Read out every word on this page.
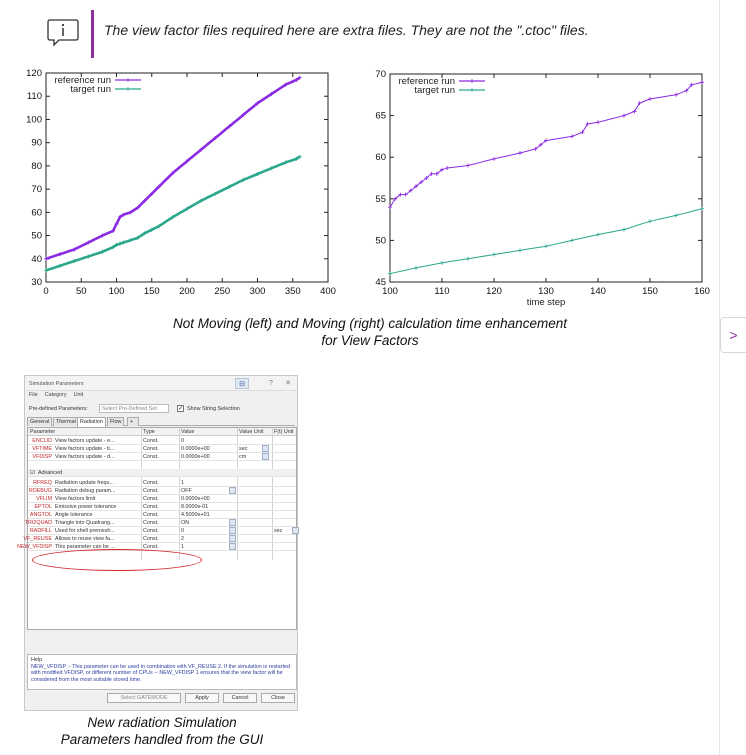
The view factor files required here are extra files. They are not the ".ctoc" files.
>
0	50 100 150 200 250 300 350 400
30
40
50
60
70
80
90
100
110
120
reference run
target run
100	110	120	130	140	150	160
45
50
55
60
65
70
time step
reference run
target run
Not Moving (left) and Moving (right) calculation time enhancement
for View Factors
Simulation Parameters	⊟	?	✕
File Category Unit
Pre-defined Parameters:	Select Pre-Defined Set	✓ Show String Selection
General	Thermal Radiation	Flow	+
Parameter	Type	Value	Value Unit F(t) Unit
ENCLID View factors update - e...	Const.	0
VFTIME View factors update - ti...	Const.	0.0000e+00	sec
VFDISP View factors update - d...	Const.	0.0000e+00	cm
☑ Advanced
RFREQ Radiation update frequ...	Const.	1
RDEBUG Radiation debug param...	Const.	OFF
VFLIM View factors limit	Const.	0.0000e+00
EPTOL Emissive power tolerance	Const.	8.0000e-01
ANGTOL Angle tolerance	Const.	4.5000e+01
TRI2QUAD Triangle into Quadrang...	Const.	ON
RADFILL Used for shell premesh...	Const.	0	sec
VF_REUSE Allows to reuse view fa...	Const.	2
NEW_VFDISP This parameter can be ...	Const.	1
Help
NEW_VFDISP :- This parameter can be used in combination with VF_REUSE 2. If the simulation is restarted with modified VFDISP, or different number of CPUs -- NEW_VFDISP 1 ensures that the view factor will be considered from the most suitable stored time.
Select GATEMODE	Apply	Cancel	Close
New radiation Simulation
Parameters handled from the GUI
